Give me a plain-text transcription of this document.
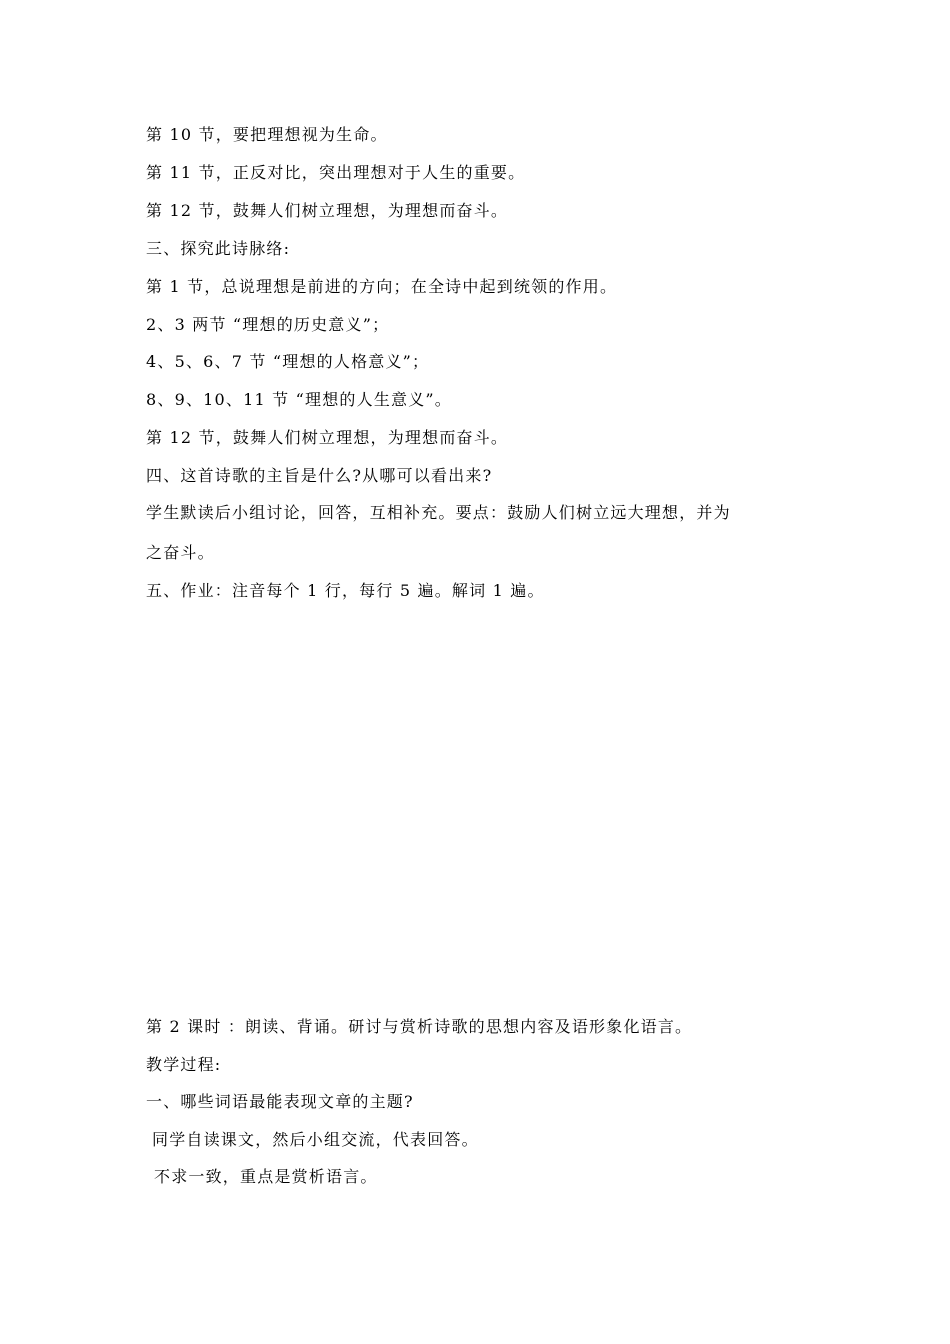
第 10 节，要把理想视为生命。
第 11 节，正反对比，突出理想对于人生的重要。
第 12 节，鼓舞人们树立理想，为理想而奋斗。
三、探究此诗脉络:
第 1 节，总说理想是前进的方向；在全诗中起到统领的作用。
2、3 两节 “理想的历史意义”；
4、5、6、7 节 “理想的人格意义”；
8、9、10、11 节 “理想的人生意义”。
第 12 节，鼓舞人们树立理想，为理想而奋斗。
四、这首诗歌的主旨是什么?从哪可以看出来?
学生默读后小组讨论，回答，互相补充。要点：鼓励人们树立远大理想，并为
之奋斗。
五、作业：注音每个 1 行，每行 5 遍。解词 1 遍。
第 2 课时 ：朗读、背诵。研讨与赏析诗歌的思想内容及语形象化语言。
教学过程:
一、哪些词语最能表现文章的主题?
同学自读课文，然后小组交流，代表回答。
不求一致，重点是赏析语言。
